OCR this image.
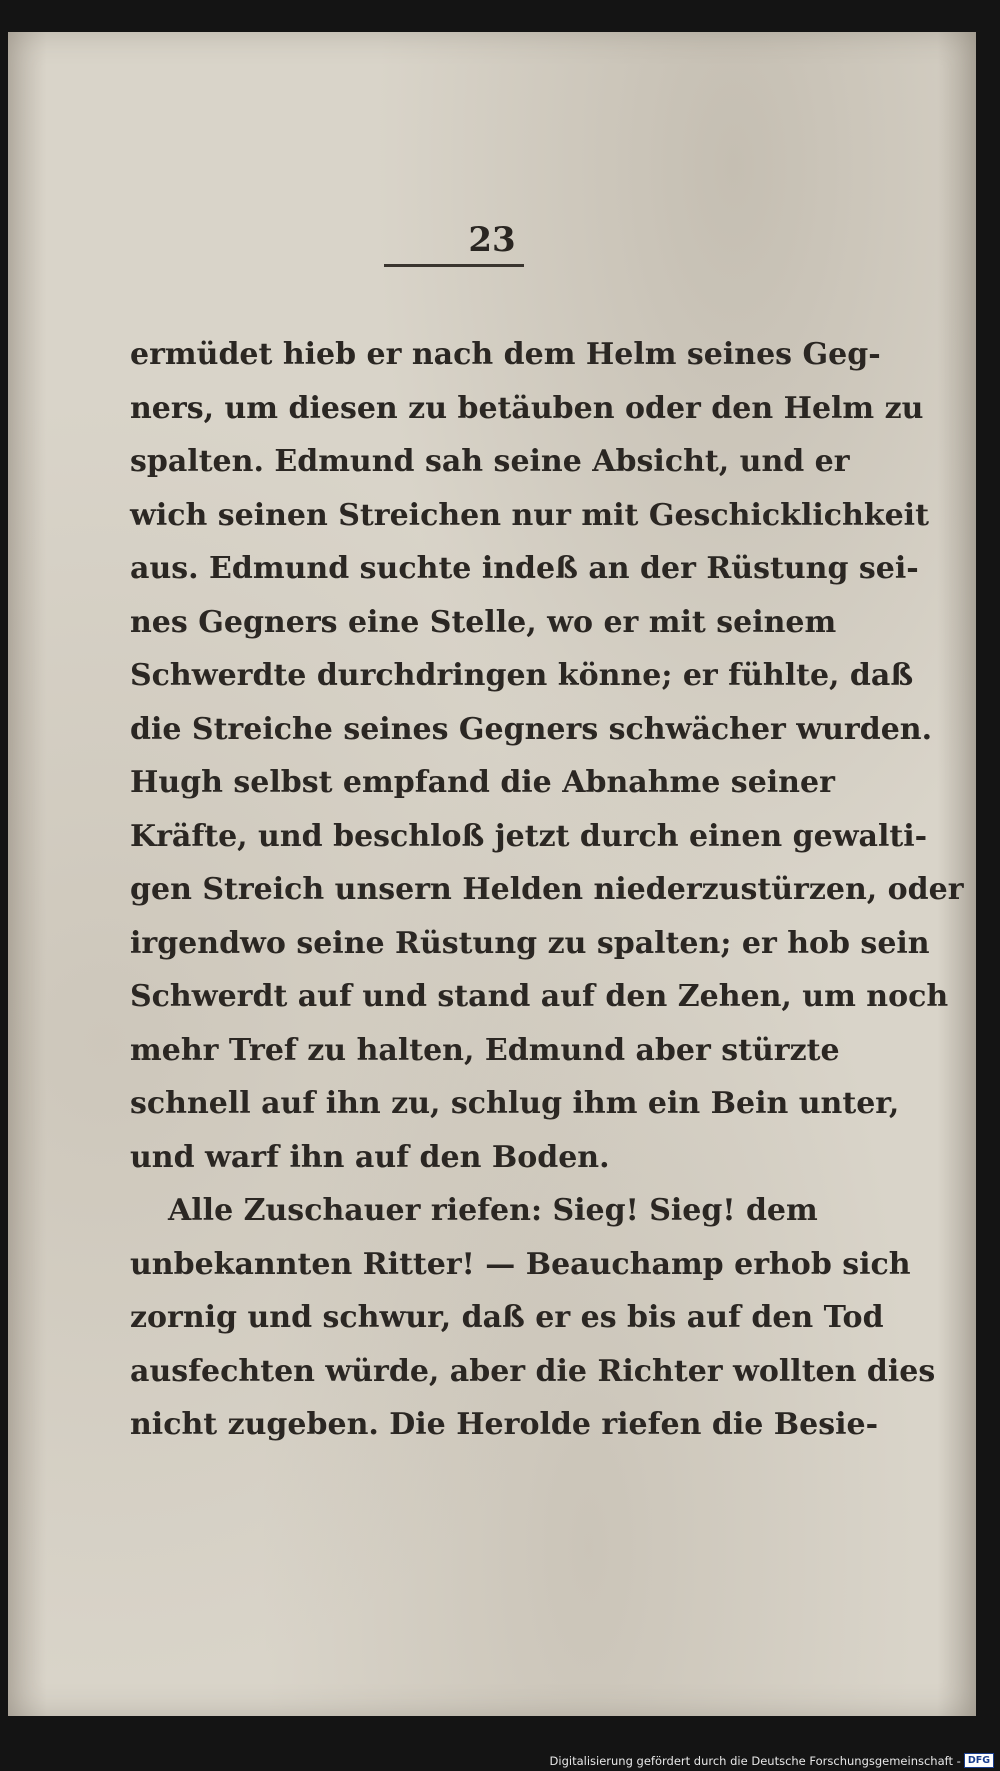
23
ermüdet hieb er nach dem Helm seines Geg-
ners, um diesen zu betäuben oder den Helm zu
spalten. Edmund sah seine Absicht, und er
wich seinen Streichen nur mit Geschicklichkeit
aus. Edmund suchte indeß an der Rüstung sei-
nes Gegners eine Stelle, wo er mit seinem
Schwerdte durchdringen könne; er fühlte, daß
die Streiche seines Gegners schwächer wurden.
Hugh selbst empfand die Abnahme seiner
Kräfte, und beschloß jetzt durch einen gewalti-
gen Streich unsern Helden niederzustürzen, oder
irgendwo seine Rüstung zu spalten; er hob sein
Schwerdt auf und stand auf den Zehen, um noch
mehr Tref zu halten, Edmund aber stürzte
schnell auf ihn zu, schlug ihm ein Bein unter,
und warf ihn auf den Boden.
Alle Zuschauer riefen: Sieg! Sieg! dem
unbekannten Ritter! — Beauchamp erhob sich
zornig und schwur, daß er es bis auf den Tod
ausfechten würde, aber die Richter wollten dies
nicht zugeben. Die Herolde riefen die Besie-
Digitalisierung gefördert durch die Deutsche Forschungsgemeinschaft - DFG
